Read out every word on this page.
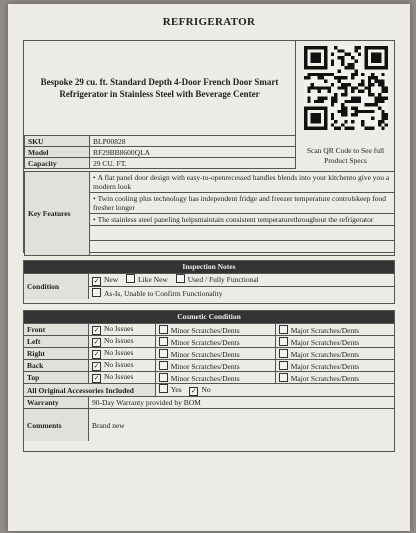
REFRIGERATOR
Bespoke 29 cu. ft. Standard Depth 4-Door French Door Smart Refrigerator in Stainless Steel with Beverage Center
Scan QR Code to See full Product Specs
SKU	BLP00828
Model	RF29BB8600QLA
Capacity	29 CU. FT.
Key Features	• A flat panel door design with easy-to-openrecessed handles blends into your kitchento give you a modern look
• Twin cooling plus technology has independent fridge and freezer temperature controlskeep food fresher longer
• The stainless steel paneling helpsmaintain consistent temperaturethroughout the refrigerator

Inspection Notes
Condition	✓ New	Like New	Used / Fully Functional
As-Is, Unable to Confirm Functionality
Cosmetic Condition
Front	✓ No Issues	Minor Scratches/Dents	Major Scratches/Dents
Left	✓ No Issues	Minor Scratches/Dents	Major Scratches/Dents
Right	✓ No Issues	Minor Scratches/Dents	Major Scratches/Dents
Back	✓ No Issues	Minor Scratches/Dents	Major Scratches/Dents
Top	✓ No Issues	Minor Scratches/Dents	Major Scratches/Dents
All Original Accessories Included		Yes ✓ No	
Warranty	90-Day Warranty provided by BOM		
Comments	Brand new		
